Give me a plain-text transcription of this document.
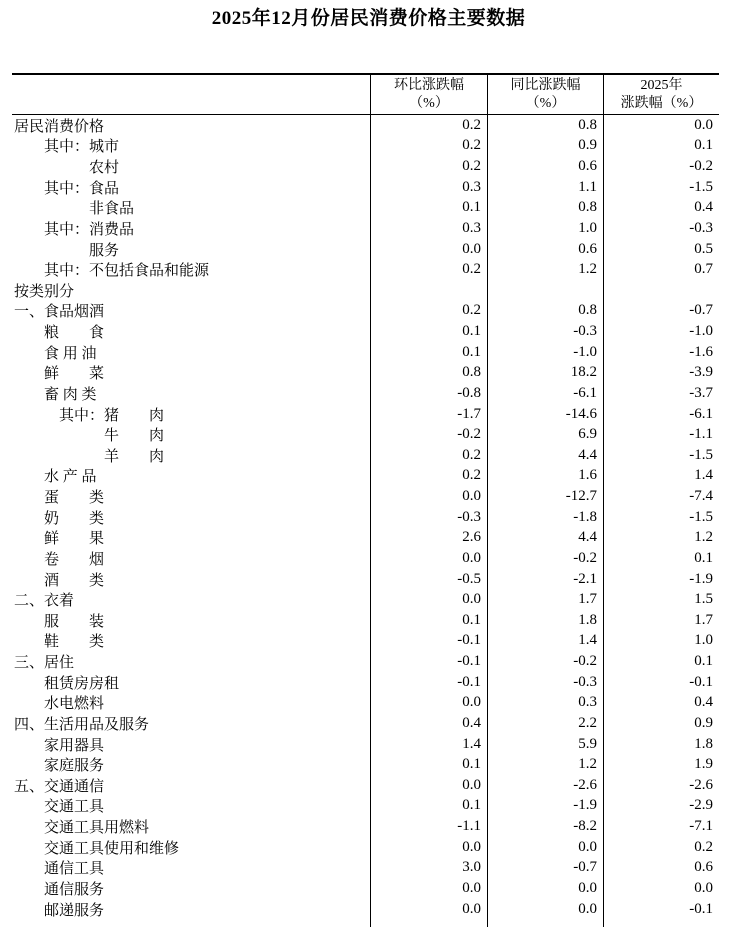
2025年12月份居民消费价格主要数据
环比涨跌幅
（%）
同比涨跌幅
（%）
2025年
涨跌幅（%）
居民消费价格	0.2	0.8	0.0
　　其中：城市	0.2	0.9	0.1
　　　　　农村	0.2	0.6	-0.2
　　其中：食品	0.3	1.1	-1.5
　　　　　非食品	0.1	0.8	0.4
　　其中：消费品	0.3	1.0	-0.3
　　　　　服务	0.0	0.6	0.5
　　其中：不包括食品和能源	0.2	1.2	0.7
按类别分
一、食品烟酒	0.2	0.8	-0.7
　　粮　　食	0.1	-0.3	-1.0
　　食 用 油	0.1	-1.0	-1.6
　　鲜　　菜	0.8	18.2	-3.9
　　畜 肉 类	-0.8	-6.1	-3.7
　　　其中：猪　　肉	-1.7	-14.6	-6.1
　　　　　　牛　　肉	-0.2	6.9	-1.1
　　　　　　羊　　肉	0.2	4.4	-1.5
　　水 产 品	0.2	1.6	1.4
　　蛋　　类	0.0	-12.7	-7.4
　　奶　　类	-0.3	-1.8	-1.5
　　鲜　　果	2.6	4.4	1.2
　　卷　　烟	0.0	-0.2	0.1
　　酒　　类	-0.5	-2.1	-1.9
二、衣着	0.0	1.7	1.5
　　服　　装	0.1	1.8	1.7
　　鞋　　类	-0.1	1.4	1.0
三、居住	-0.1	-0.2	0.1
　　租赁房房租	-0.1	-0.3	-0.1
　　水电燃料	0.0	0.3	0.4
四、生活用品及服务	0.4	2.2	0.9
　　家用器具	1.4	5.9	1.8
　　家庭服务	0.1	1.2	1.9
五、交通通信	0.0	-2.6	-2.6
　　交通工具	0.1	-1.9	-2.9
　　交通工具用燃料	-1.1	-8.2	-7.1
　　交通工具使用和维修	0.0	0.0	0.2
　　通信工具	3.0	-0.7	0.6
　　通信服务	0.0	0.0	0.0
　　邮递服务	0.0	0.0	-0.1
